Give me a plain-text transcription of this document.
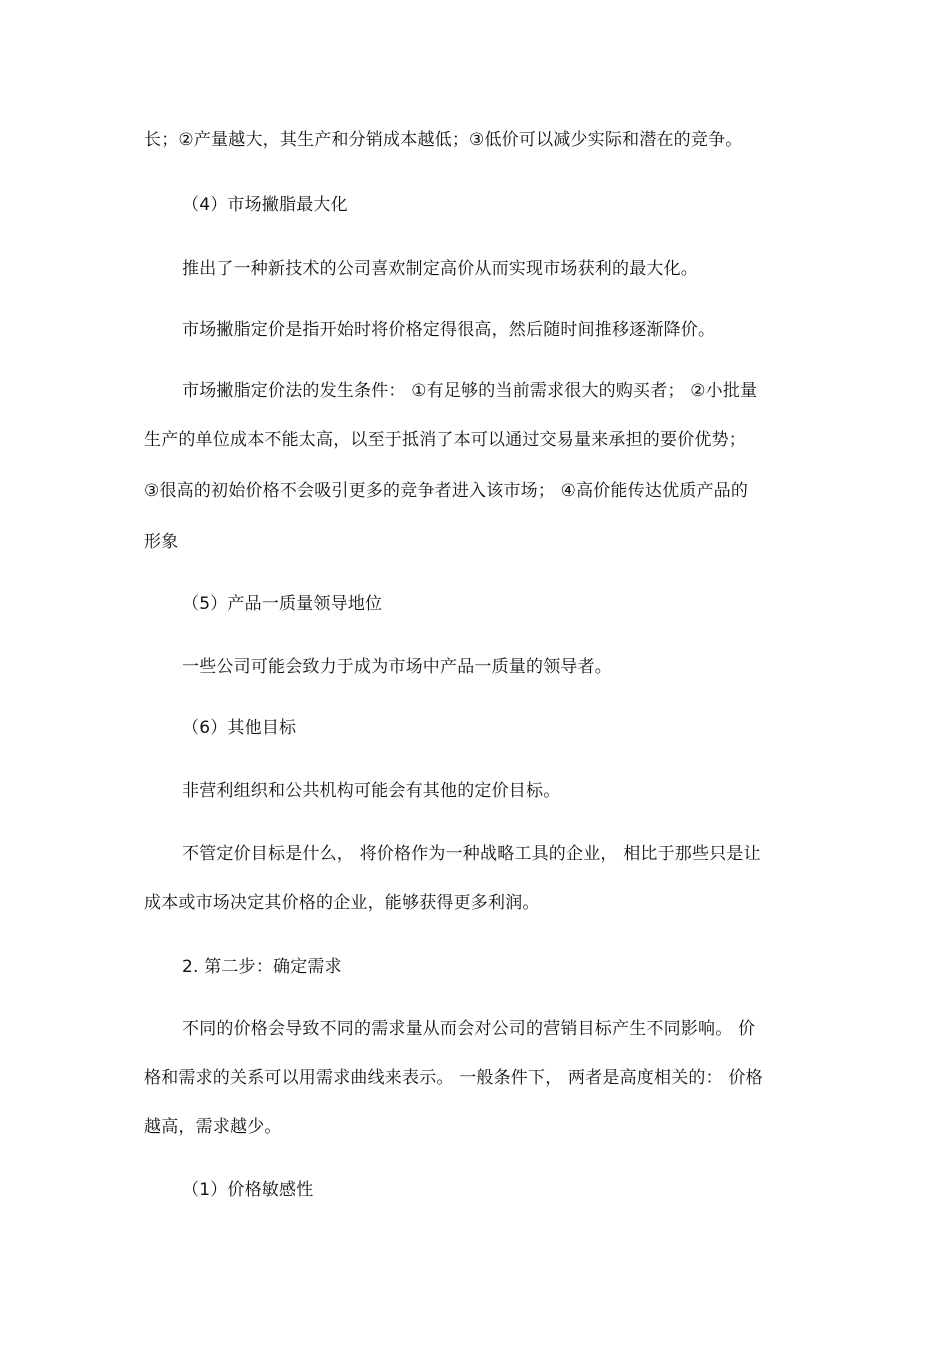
长；②产量越大，其生产和分销成本越低；③低价可以减少实际和潜在的竞争。
（4）市场撇脂最大化
推出了一种新技术的公司喜欢制定高价从而实现市场获利的最大化。
市场撇脂定价是指开始时将价格定得很高，然后随时间推移逐渐降价。
市场撇脂定价法的发生条件： ①有足够的当前需求很大的购买者； ②小批量
生产的单位成本不能太高，以至于抵消了本可以通过交易量来承担的要价优势；
③很高的初始价格不会吸引更多的竞争者进入该市场； ④高价能传达优质产品的
形象
（5）产品一质量领导地位
一些公司可能会致力于成为市场中产品一质量的领导者。
（6）其他目标
非营利组织和公共机构可能会有其他的定价目标。
不管定价目标是什么， 将价格作为一种战略工具的企业， 相比于那些只是让
成本或市场决定其价格的企业，能够获得更多利润。
2. 第二步：确定需求
不同的价格会导致不同的需求量从而会对公司的营销目标产生不同影响。 价
格和需求的关系可以用需求曲线来表示。 一般条件下， 两者是高度相关的： 价格
越高，需求越少。
（1）价格敏感性
